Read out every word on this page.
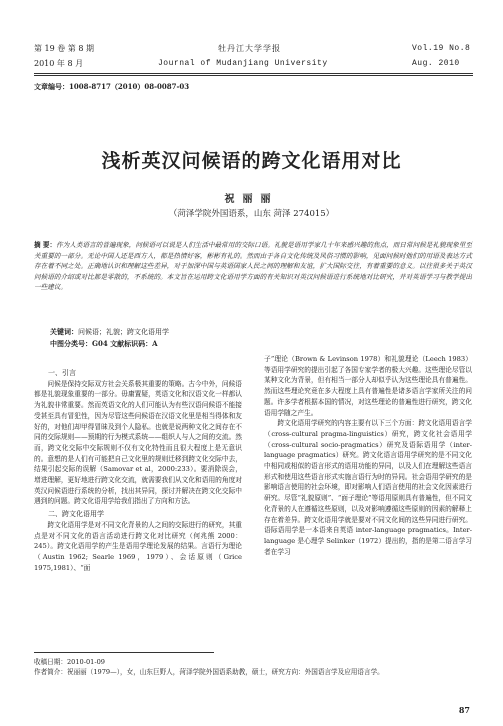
第 19 卷 第 8 期	牡丹江大学学报	Vol.19 No.8
2010 年 8 月	Journal of Mudanjiang University	Aug. 2010
文章编号：1008-8717（2010）08-0087-03
浅析英汉问候语的跨文化语用对比
祝丽丽
（菏泽学院外国语系，山东 菏泽 274015）
摘 要：作为人类语言的普遍现象，问候语可以说是人们生活中最常用的交际口语。礼貌是语用学家几十年来感兴趣的焦点，而日常问候是礼貌现象里至关重要的一部分。无论中国人还是西方人，都是热情好客，彬彬有礼的。然而由于各自文化传统及风俗习惯的影响，见面问候时他们的用语及表达方式存在着不同之处。正确地认识和理解这些差异，对于加深中国与英语国家人民之间的理解和友谊，扩大国际交往，有着重要的意义。以往很多关于英汉问候语的介绍或对比都是零散的，不系统的。本文旨在运用跨文化语用学方面的有关知识对英汉问候语进行系统地对比研究，并对英语学习与教学提出一些建议。
关键词：问候语；礼貌；跨文化语用学
中图分类号：G04 文献标识码：A
一、引言

问候是保持交际双方社会关系极其重要的策略。古今中外，问候语都是礼貌现象重要的一部分。毋庸置疑，英语文化和汉语文化一样都认为礼貌非常重要。然而英语文化的人们可能认为有些汉语问候语不能接受甚至具有冒犯性，因为尽管这些问候语在汉语文化里是相当得体和友好的，对他们却甲得冒昧及到个人隐私。也就是说两种文化之间存在不同的交际规则——预期的行为模式系统——组织人与人之间的交流。然而，跨文化交际中交际规则不仅有文化特性而且很大程度上是无意识的。意想的是人们有可能把自己文化里的规则迁移到跨文化交际中去，结果引起交际的误解（Samovar et al，2000:233）。要消除误会，增进理解，更好地进行跨文化交流，就需要我们从文化和语用的角度对英汉问候语进行系统的分析，找出其异同，探讨并解决在跨文化交际中遇到的问题。跨文化语用学给我们指出了方向和方法。

二、跨文化语用学

跨文化语用学是对不同文化背景的人之间的交际进行的研究，其重点是对不同文化的语言活动进行跨文化对比研究（何兆熊 2000：245）。跨文化语用学的产生是语用学理论发展的结果。言语行为理论（Austin 1962; Searle 1969，1979）、会话原则（Grice 1975,1981）、“面

子”理论（Brown & Levinson 1978）和礼貌理论（Leech 1983）等语用学研究的提出引起了各国专家学者的极大兴趣。这些理论尽管以某种文化为背景，但有相当一部分人却似乎认为这些理论具有普遍性。然而这些理论究竟在多大程度上具有普遍性是诸多语言学家所关注的问题。许多学者根据本国的情况，对这些理论的普遍性进行研究，跨文化语用学随之产生。

跨文化语用学研究的内容主要有以下三个方面：跨文化语用语言学（cross-cultural pragma-linguistics）研究，跨文化社会语用学（cross-cultural socio-pragmatics）研究及语际语用学（inter-language pragmatics）研究。跨文化语言语用学研究的是不同文化中相同或相似的语言形式的语用功能的异同，以及人们在理解这些语言形式和使用这些语言形式实施言语行为时的异同。社会语用学研究的是影响语言使用的社会环境，即对影响人们语言使用的社会文化因素进行研究。尽管“礼貌原则”、“面子理论”等语用原则具有普遍性，但不同文化背景的人在遵循这些原则，以及对影响遵循这些原则的因素的解释上存在着差异。跨文化语用学就是要对不同文化间的这些异同进行研究。语际语用学是一本语来自英语 inter-language pragmatics。Inter-language 是心理学 Selinker（1972）提出的，指的是第二语言学习者在学习

收稿日期：2010-01-09
作者简介：祝丽丽（1979—），女，山东巨野人，菏泽学院外国语系助教，硕士，研究方向：外国语言学及应用语言学。
87
